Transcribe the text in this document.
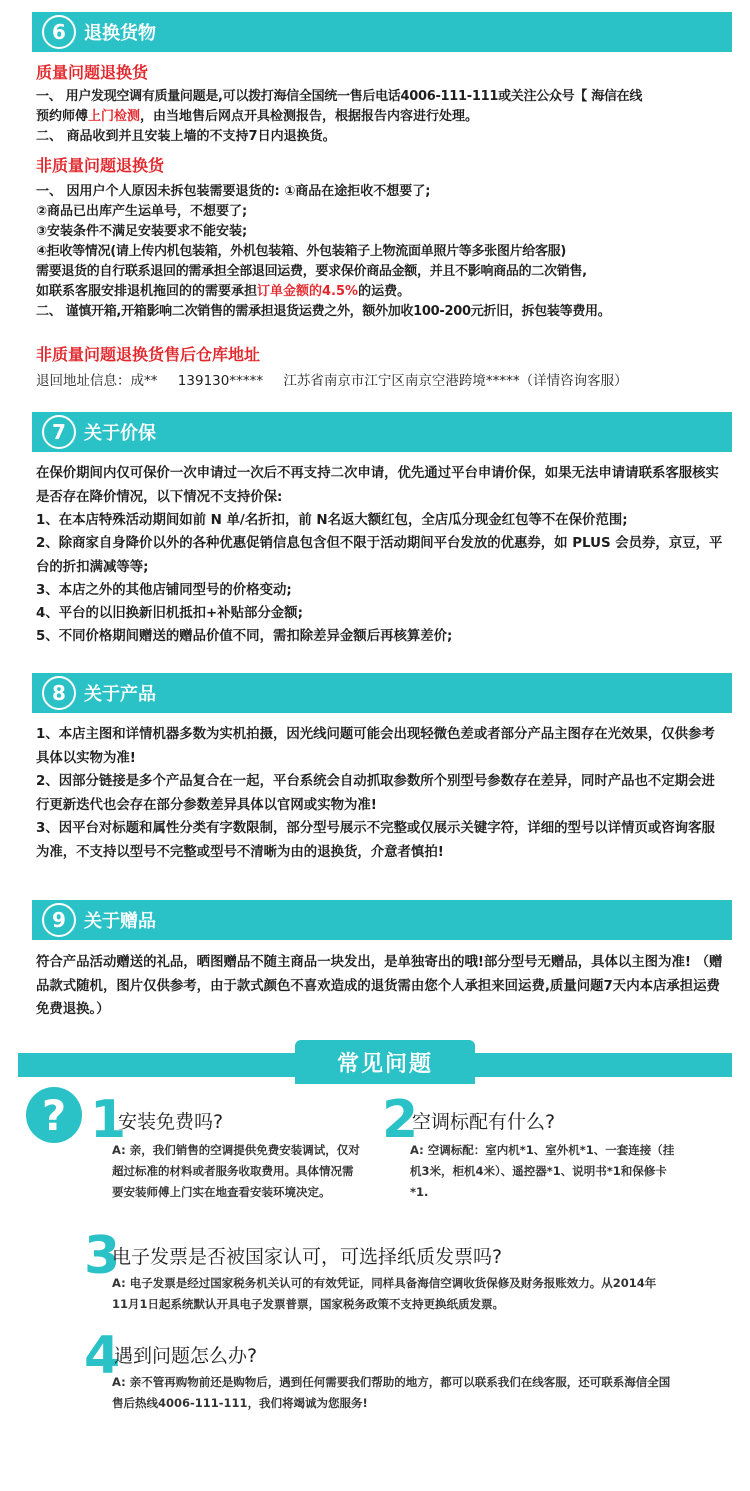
6	退换货物
质量问题退换货
一、 用户发现空调有质量问题是,可以拨打海信全国统一售后电话4006-111-111或关注公众号【 海信在线
预约师傅上门检测，由当地售后网点开具检测报告，根据报告内容进行处理。
二、 商品收到并且安装上墙的不支持7日内退换货。
非质量问题退换货
一、 因用户个人原因未拆包装需要退货的: ①商品在途拒收不想要了;
②商品已出库产生运单号，不想要了;
③安装条件不满足安装要求不能安装;
④拒收等情况(请上传内机包装箱，外机包装箱、外包装箱子上物流面单照片等多张图片给客服)
需要退货的自行联系退回的需承担全部退回运费，要求保价商品金额，并且不影响商品的二次销售,
如联系客服安排退机拖回的的需要承担订单金额的4.5%的运费。
二、 谨慎开箱,开箱影响二次销售的需承担退货运费之外，额外加收100-200元折旧，拆包装等费用。
非质量问题退换货售后仓库地址
退回地址信息：成** 139130***** 江苏省南京市江宁区南京空港跨境*****（详情咨询客服）
7	关于价保
在保价期间内仅可保价一次申请过一次后不再支持二次申请，优先通过平台申请价保，如果无法申请请联系客服核实是否存在降价情况，以下情况不支持价保:
1、在本店特殊活动期间如前 N 单/名折扣，前 N名返大额红包，全店瓜分现金红包等不在保价范围;
2、除商家自身降价以外的各种优惠促销信息包含但不限于活动期间平台发放的优惠券，如 PLUS 会员券，京豆，平台的折扣满减等等;
3、本店之外的其他店铺同型号的价格变动;
4、平台的以旧换新旧机抵扣+补贴部分金额;
5、不同价格期间赠送的赠品价值不同，需扣除差异金额后再核算差价;
8	关于产品
1、本店主图和详情机器多数为实机拍摄，因光线问题可能会出现轻微色差或者部分产品主图存在光效果，仅供参考具体以实物为准!
2、因部分链接是多个产品复合在一起，平台系统会自动抓取参数所个别型号参数存在差异，同时产品也不定期会进行更新迭代也会存在部分参数差异具体以官网或实物为准!
3、因平台对标题和属性分类有字数限制，部分型号展示不完整或仅展示关键字符，详细的型号以详情页或咨询客服为准，不支持以型号不完整或型号不清晰为由的退换货，介意者慎拍!
9	关于赠品
符合产品活动赠送的礼品，晒图赠品不随主商品一块发出，是单独寄出的哦!部分型号无赠品，具体以主图为准! （赠品款式随机，图片仅供参考，由于款式颜色不喜欢造成的退货需由您个人承担来回运费,质量问题7天内本店承担运费免费退换。）
常见问题
? 1
安装免费吗?
A: 亲，我们销售的空调提供免费安装调试，仅对超过标准的材料或者服务收取费用。具体情况需要安装师傅上门实在地查看安装环境决定。
2
空调标配有什么?
A: 空调标配：室内机*1、室外机*1、一套连接（挂机3米，柜机4米）、遥控器*1、说明书*1和保修卡*1.
3
电子发票是否被国家认可，可选择纸质发票吗?
A: 电子发票是经过国家税务机关认可的有效凭证，同样具备海信空调收货保修及财务报账效力。从2014年11月1日起系统默认开具电子发票普票，国家税务政策不支持更换纸质发票。
4
遇到问题怎么办?
A: 亲不管再购物前还是购物后，遇到任何需要我们帮助的地方，都可以联系我们在线客服，还可联系海信全国售后热线4006-111-111，我们将竭诚为您服务!
